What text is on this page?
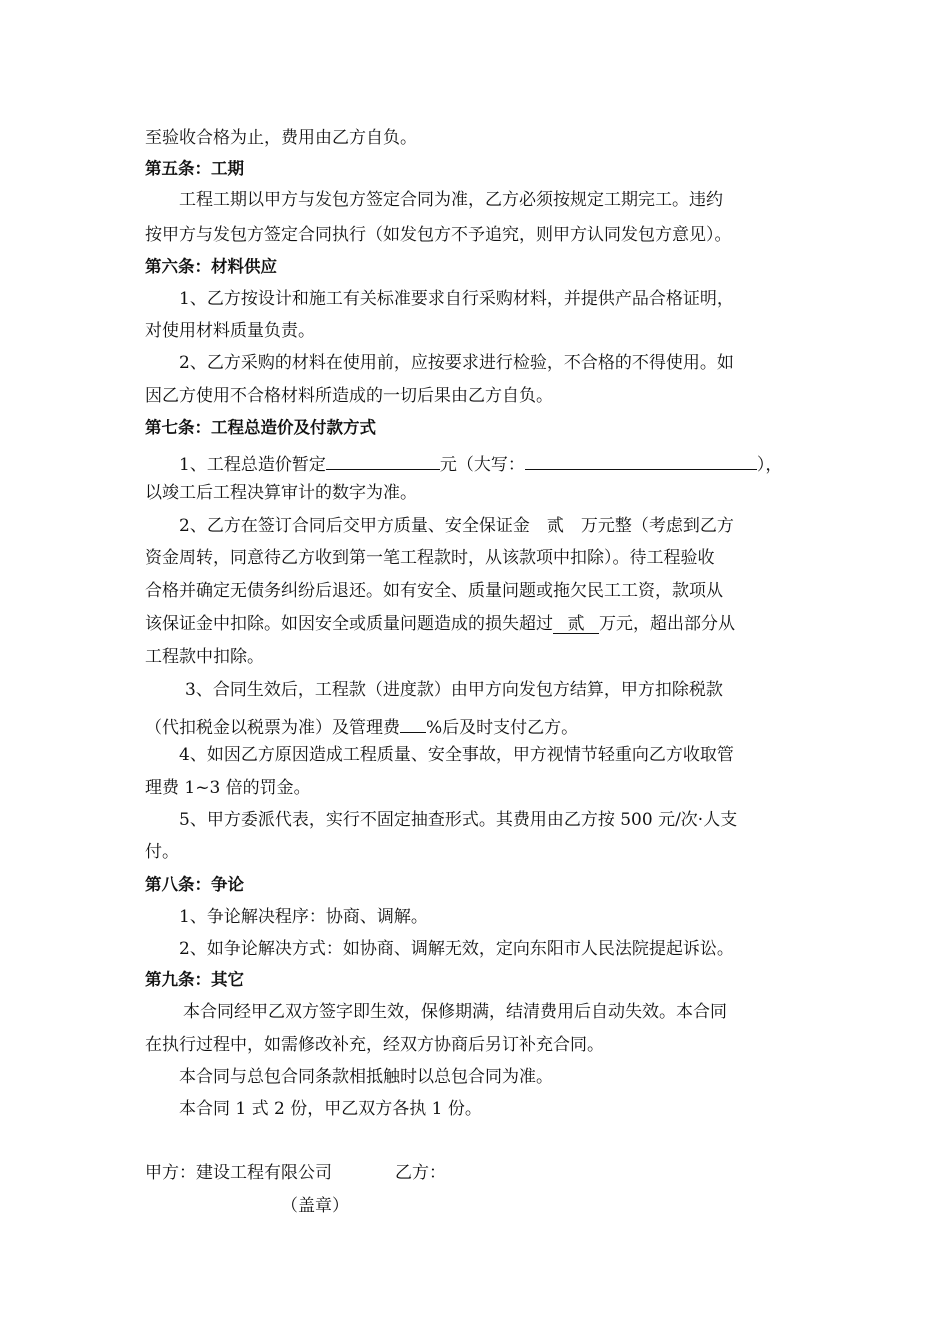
至验收合格为止，费用由乙方自负。
第五条：工期
工程工期以甲方与发包方签定合同为准，乙方必须按规定工期完工。违约
按甲方与发包方签定合同执行（如发包方不予追究，则甲方认同发包方意见）。
第六条：材料供应
1、乙方按设计和施工有关标准要求自行采购材料，并提供产品合格证明，
对使用材料质量负责。
2、乙方采购的材料在使用前，应按要求进行检验，不合格的不得使用。如
因乙方使用不合格材料所造成的一切后果由乙方自负。
第七条：工程总造价及付款方式
1、工程总造价暂定	元（大写：	），
以竣工后工程决算审计的数字为准。
2、乙方在签订合同后交甲方质量、安全保证金　贰　万元整（考虑到乙方
资金周转，同意待乙方收到第一笔工程款时，从该款项中扣除）。待工程验收
合格并确定无债务纠纷后退还。如有安全、质量问题或拖欠民工工资，款项从
该保证金中扣除。如因安全或质量问题造成的损失超过 贰 万元，超出部分从
工程款中扣除。
3、合同生效后，工程款（进度款）由甲方向发包方结算，甲方扣除税款
（代扣税金以税票为准）及管理费 %后及时支付乙方。
4、如因乙方原因造成工程质量、安全事故，甲方视情节轻重向乙方收取管
理费 1~3 倍的罚金。
5、甲方委派代表，实行不固定抽查形式。其费用由乙方按 500 元/次·人支
付。
第八条：争论
1、争论解决程序：协商、调解。
2、如争论解决方式：如协商、调解无效，定向东阳市人民法院提起诉讼。
第九条：其它
本合同经甲乙双方签字即生效，保修期满，结清费用后自动失效。本合同
在执行过程中，如需修改补充，经双方协商后另订补充合同。
本合同与总包合同条款相抵触时以总包合同为准。
本合同 1 式 2 份，甲乙双方各执 1 份。
甲方：建设工程有限公司	乙方：
（盖章）
